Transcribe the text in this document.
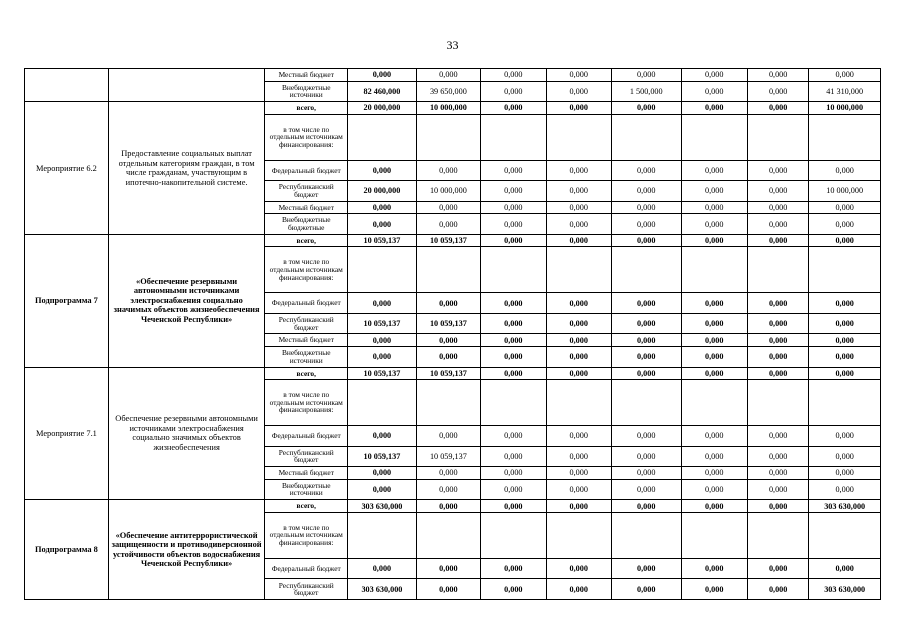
33
		Местный бюджет	0,000	0,000	0,000	0,000	0,000	0,000	0,000	0,000
		Внебюджетные источники	82 460,000	39 650,000	0,000	0,000	1 500,000	0,000	0,000	41 310,000
Мероприятие 6.2	Предоставление социальных выплат отдельным категориям граждан, в том числе гражданам, участвующим в ипотечно-накопительной системе.	всего,	20 000,000	10 000,000	0,000	0,000	0,000	0,000	0,000	10 000,000
		в том числе по отдельным источникам финансирования:								
		Федеральный бюджет	0,000	0,000	0,000	0,000	0,000	0,000	0,000	0,000
		Республиканский бюджет	20 000,000	10 000,000	0,000	0,000	0,000	0,000	0,000	10 000,000
		Местный бюджет	0,000	0,000	0,000	0,000	0,000	0,000	0,000	0,000
		Внебюджетные бюджетные	0,000	0,000	0,000	0,000	0,000	0,000	0,000	0,000
Подпрограмма 7	«Обеспечение резервными автономными источниками электроснабжения социально значимых объектов жизнеобеспечения Чеченской Республики»	всего,	10 059,137	10 059,137	0,000	0,000	0,000	0,000	0,000	0,000
		в том числе по отдельным источникам финансирования:								
		Федеральный бюджет	0,000	0,000	0,000	0,000	0,000	0,000	0,000	0,000
		Республиканский бюджет	10 059,137	10 059,137	0,000	0,000	0,000	0,000	0,000	0,000
		Местный бюджет	0,000	0,000	0,000	0,000	0,000	0,000	0,000	0,000
		Внебюджетные источники	0,000	0,000	0,000	0,000	0,000	0,000	0,000	0,000
Мероприятие 7.1	Обеспечение резервными автономными источниками электроснабжения социально значимых объектов жизнеобеспечения	всего,	10 059,137	10 059,137	0,000	0,000	0,000	0,000	0,000	0,000
		в том числе по отдельным источникам финансирования:								
		Федеральный бюджет	0,000	0,000	0,000	0,000	0,000	0,000	0,000	0,000
		Республиканский бюджет	10 059,137	10 059,137	0,000	0,000	0,000	0,000	0,000	0,000
		Местный бюджет	0,000	0,000	0,000	0,000	0,000	0,000	0,000	0,000
		Внебюджетные источники	0,000	0,000	0,000	0,000	0,000	0,000	0,000	0,000
Подпрограмма 8	«Обеспечение антитеррористической защищенности и противодиверсионной устойчивости объектов водоснабжения Чеченской Республики»	всего,	303 630,000	0,000	0,000	0,000	0,000	0,000	0,000	303 630,000
		в том числе по отдельным источникам финансирования:								
		Федеральный бюджет	0,000	0,000	0,000	0,000	0,000	0,000	0,000	0,000
		Республиканский бюджет	303 630,000	0,000	0,000	0,000	0,000	0,000	0,000	303 630,000
